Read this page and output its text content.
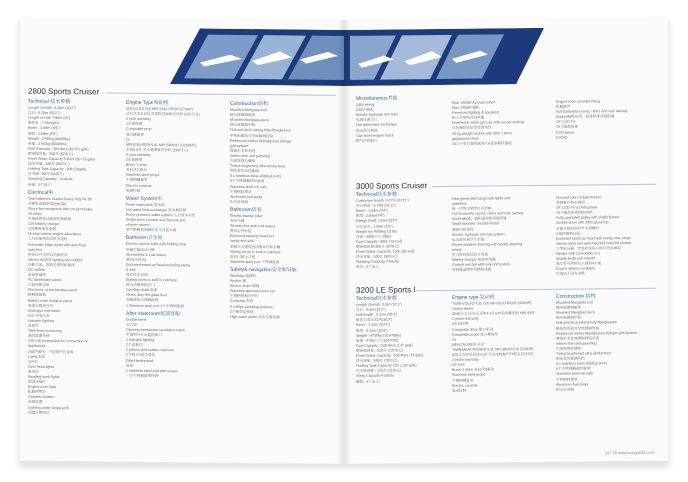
2800 Sports Cruiser
Technical 技术参数
Length Overall : 9.20m (30'2")
总长 : 9.20m (30'2")
Length of Hull: 7.95m (26')
船体长 : 7.95m(26')
Beam : 2.68m (8'9")
船宽 : 2.68m (8'9")
Weight : 2750kg (6000lbs)
重量 : 2750kg (6000lbs)
Fuel Capacity : 300 liters (82 US gals)
燃油箱容量 : 300升 (82加仑)
Fresh Water Capacity 5 liters (50 US gals)
淡水容量 : 185升 (50加仑)
Holding Tank Capacity : 90lt (24gals)
污水箱 : 90升 (24加仑)
Sleeping Capacity : 4 adults
床铺 : 4个成人
Electrical电
Twin batteries, marine heavy duty NC50
双蓄电池船用电池NC50
Shore line receptacle with circuit breaker
16 amps
岸电插座及过载保护断路器
12V battery charger
12V蓄电池充电器
Hi-amp marine engine alternators
大功率船用发动机发电机
Automatic bilge pump with auto float
switches
带浮动开关的自动舱底泵
Interior AC/DC lighting and outlets
内舱交流、直流电照明和插座
DC outlets
直流电插座
AC distribution panel
交流电配电板
Electronic circuit breaker panel
断路器面板
Battery main isolation panel
电池主隔离开关
Analogue volt meter
指针式电压表
Halogen lighting
卤素灯
Tank level monitoring
液位监测系统
240 volt receptacles for connection of
appliances
240伏插座，可连接所有家电
Lights 12V
12V灯
Over head lights
吸顶灯
Reading bunk lights
阅读床铺灯
Engine room light
机舱照明灯
Galvanic isolator
电隔离器
Lighting under tanga arch
顶篷下照明灯
Engine Type发动机
VOLVO 5.0 GXi MPI DUO PROP (270HP)
沃尔沃 5.0 GXi 双桨推进器舷内外机 (270马力)
2 year warranty
2年质保期
Composite prop
复合螺旋桨
Or
MERCRUISER 5.0L MPI BRAVO 3 (260HP)
水星5.0升 多点电喷舷内外机 (260马力)
2 year warranty
2年质保期
Bravo 3 drive
布拉沃3 驱动
Stainless steel props
不锈钢螺旋桨
Electric controls
电操控制
Water System水
Fresh water tank 淡水箱
Hot water heat exchanger 热水换热器
Pump pressure water system 压力泵水系统
Single lever ceramic seal faucets and
shower mixers
单手柄陶瓷阀淋浴龙头及混水阀
Bathroom卫生间
Electric marine toilet with holding tank
带储污箱电动马桶
Shower(hot & cold water)
淋浴(冷热水)
Enclosed stand up head including vanity
& sink
包括洗手台面
Sliding doors to built in cabinets
嵌入式橱柜推拉门
Overflow drain 溢流
Heavy duty fire glass floor
高强度防火玻璃地板
1 Stainless steel port 1个不锈钢舷窗
After stateroom尾部客舱
Double berth
双人铺
Opening translucent ventilation hatch
半透明可开启通风舱口
2 halogen lighting
2个卤素灯
2 pillows and scatter cushions
2个枕头及2个靠垫
Fitted bedspread
床罩
1 stainless steel port with screen
一个不锈钢窗带纱网
Construction结构
Moulded fiberglass hull
模压玻璃钢船体
Moulded fiberglass deck
模压玻璃钢甲板
Hull and deck joining fully fiberglasses
甲板和船体完全玻璃钢连接
Reinforced timber fiberglassed stringer
grid system
增强木龙骨系统
Interior trim and paneling
内部装饰及镶板
Tinted toughened ultra windscreen
钢化着色风挡玻璃
5 x stainless steel elliptical ports
5个不锈钢椭圆形舷窗
Stainless steel rub rails
不锈钢防擦条
Aluminum fuel tanks
铝合金油箱
Bathroom浴室
Electric marine toilet
电动马桶
Shower (hot and cold water)
淋浴 (冷热水)
Enclosed standup head incl.
vanity and sink
单独立式盥洗包括梳妆台和水槽
Sliding doors to built in cabinets
推拉门嵌入式柜
Stainless steel port 不锈钢舷窗
Safety& navigation安全和导航
Windlass 起锚机
Anchor 锚
Anchor chain 锚链
Stainless steel tube bow rail
不锈钢管船首护栏
Compass 罗盘
2 x Bilge pumping systems
2个舱底泵系统
High water alarm 高水位警报器
Miscellaneous其他
240v wiring
240伏电线
Electric hydraulic trim tabs
电液压调节片
Hot water heat exchanger
热水热交换器
Gas stove engine hatch
燃气灶机舱口
Murr VR500 A power winch
Murr VR500 锚机
Recessed lighting & speakers
嵌入式照明及扬声器
Finished in white gel coat with accent striping
白色凝胶涂层带装饰条纹
10 kg plough anchor with 30m 7.6mm
galvanized chain
10公斤犁式锚和30米7.6毫米镀锌锚链
Engine room soundproofing
机舱隔音
Full Sunbrella covers, risers and rear awning
Sunbrella帆布罩，遮蓬和尾部遮阳篷
19" LCD TV
19寸液晶电视
DVD player
DVD机
3000 Sports Cruiser
Technical技术参数
Customise length: 9.72m (31'11")
用心制造 : 9.72M (31'11")
Beam : 2.84m (9'4")
船宽 : 2.84m(9'4")
Design Draft: 1.05m (3'5")
设计吃水 : 1.05m (3'5")
Weight dry 4600kg 10 Ibs
净重 : 4600公斤 10Ibs
Fuel Capacity: 300L (79 Gal)
燃油箱容量 300升 (87加仑)
Fresh Water Capacity: 100L (50 Gal)
淡水容量 : 100升 (50加仑)
Sleeping Capacity 4 Adults
床位 : 4个成人
Next generation targa with lights and
speakers
新一代塔尖架带灯及音响
Full Sunbrella covers, risers and rear awning
Sunbrella篷，遮阳篷和尾部遮阳篷
Depth sounder and fish finder
测深仪和鱼探
Electric hydraulic trim tab system
电动液压调节片系统
Power assisted steering with sports steering
wheel
带力转向和运动方向盘
Battery charger 电池充电器
Cockpit wet bar with sink and icebox
驾驶舱湿吧带水槽和冰箱
Hot and cold cockpit shower
驾驶舱冷热水淋浴
19" LCD TV & DVD player
19寸液晶电视和DVD机
Fully upgraded galley with single burner
alcohol stove with 240v glass top
全面升级厨房带单头酒精炉
240伏玻璃台面
Enclosed stand up head with vanity, sink, large
electric toilet and well-mounted hot/cold shower
大型电马桶，安装在洗脸台的冷热水淋浴
Dinette with convertible to a
double berth and 4 berth
餐厅带可转换双人铺和4人铺
Engine options available
可选用不同发动机
3200 LE Sports l
Technical技术参数
Length Overall : 9.8m (32'1")
总长 : 9.8m (32'1")
Hull length : 9.21m (30'3")
船体长度:9.21米(30'3")
Beam : 3.15m (10'4")
船宽 : 3.15m (10'4")
Weight : 4750kg (10,470lbs)
重量 : 4750公斤 (10470磅)
Fuel Capacity : 520 liters (137 gals)
燃油箱容量 : 520升 (137加仑)
Fresh Water Capacity : 180 liters (78 gals)
淡水容量 : 180升 (78加仑)
Holding Tank Capacity 120 L (32 gals)
污水箱容量 : 120升 (32加仑)
Sleep Capacity 4 adults
睡眠 : 4个成人
Engine type 发动机
TWIN VOLVO 4.3L GXI MPI DUO PROP (450HP)
Ocean series
4590马力 沃尔沃双体4.3升GXI多喷嘴电喷 MPI 船用
2 years warranty
2年质保期
Composite drive 组合驱动
Composite props 复合螺旋桨
Or
MERCRUISER 水星
TWIN MERCRUISER 5.0L MPI BRAVO III (520HP)
520马力水星双体5.0升多点电喷舷内外机布拉沃3代
2 years warranty
2年质保
Bravo 3 drive 布拉沃3驱动
Stainless steel props
不锈钢螺旋桨
Electric controls
电动控制
Construction 结构
Moulded fiberglass hull
模压玻璃钢船体
Moulded fiberglass deck
模压玻璃钢甲板
Hull and deck joining fully fiberglasses
船体和甲板完全玻璃钢连接
Reinforced timber fiberglasses stringer grid system
增强木龙骨玻璃钢网格系统
Interior trim and panelling
内部装饰及镶板
Tinted toughened ultra windscreen
钢化有色玻璃风挡
5 x stainless steel elliptical ports
5个不锈钢椭圆形舷窗
Stainless steel rub rails
不锈钢防擦条
Aluminum fuel tanks
铝合金油箱
19 / 20 www.xxxxyacht.com
